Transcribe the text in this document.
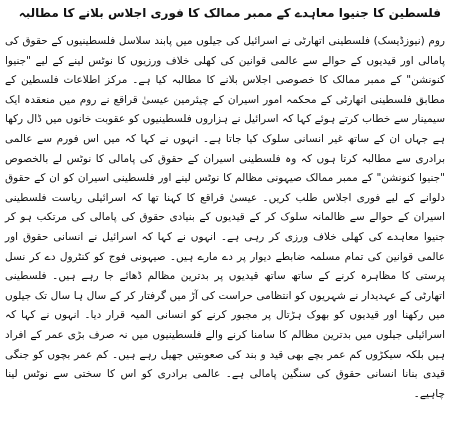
فلسطین کا جنیوا معاہدے کے ممبر ممالک کا فوری اجلاس بلانے کا مطالبہ

روم (نیوزڈیسک) فلسطینی اتھارٹی نے اسرائیل کی جیلوں میں پابند سلاسل فلسطینیوں کے حقوق کی پامالی اور قیدیوں کے حوالے سے عالمی قوانین کی کھلی خلاف ورزیوں کا نوٹس لینے کے لیے "جنیوا کنونشن" کے ممبر ممالک کا خصوصی اجلاس بلانے کا مطالبہ کیا ہے۔ مرکز اطلاعات فلسطین کے مطابق فلسطینی اتھارٹی کے محکمہ امور اسیران کے چیئرمین عیسیٰ قراقع نے روم میں منعقدہ ایک سیمینار سے خطاب کرتے ہوئے کہا کہ اسرائیل نے ہزاروں فلسطینیوں کو عقوبت خانوں میں ڈال رکھا ہے جہاں ان کے ساتھ غیر انسانی سلوک کیا جاتا ہے۔ انہوں نے کہا کہ میں اس فورم سے عالمی برادری سے مطالبہ کرتا ہوں کہ وہ فلسطینی اسیران کے حقوق کی پامالی کا نوٹس لے بالخصوص "جنیوا کنونشن" کے ممبر ممالک صیہونی مظالم کا نوٹس لینے اور فلسطینی اسیران کو ان کے حقوق دلوانے کے لیے فوری اجلاس طلب کریں۔ عیسیٰ قراقع کا کہنا تھا کہ اسرائیلی ریاست فلسطینی اسیران کے حوالے سے ظالمانہ سلوک کر کے قیدیوں کے بنیادی حقوق کی پامالی کی مرتکب ہو کر جنیوا معاہدے کی کھلی خلاف ورزی کر رہی ہے۔ انہوں نے کہا کہ اسرائیل نے انسانی حقوق اور عالمی قوانین کی تمام مسلمہ ضابطے دیوار پر دے مارے ہیں۔ صیہونی فوج کو کنٹرول دے کر نسل پرستی کا مظاہرہ کرنے کے ساتھ ساتھ قیدیوں پر بدترین مظالم ڈھائے جا رہے ہیں۔ فلسطینی اتھارٹی کے عہدیدار نے شہریوں کو انتظامی حراست کی آڑ میں گرفتار کر کے سال ہا سال تک جیلوں میں رکھنا اور قیدیوں کو بھوک ہڑتال پر مجبور کرنے کو انسانی المیہ قرار دیا۔ انہوں نے کہا کہ اسرائیلی جیلوں میں بدترین مظالم کا سامنا کرنے والے فلسطینیوں میں نہ صرف بڑی عمر کے افراد ہیں بلکہ سیکڑوں کم عمر بچے بھی قید و بند کی صعوبتیں جھیل رہے ہیں۔ کم عمر بچوں کو جنگی قیدی بنانا انسانی حقوق کی سنگین پامالی ہے۔ عالمی برادری کو اس کا سختی سے نوٹس لینا چاہیے۔
